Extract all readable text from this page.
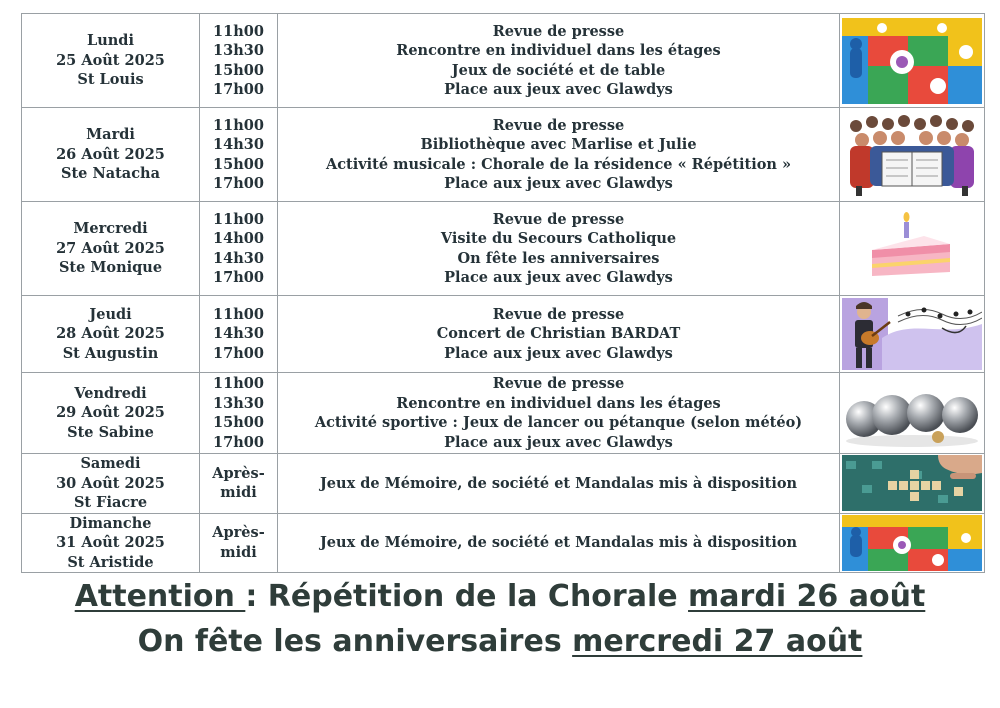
Lundi
25 Août 2025
St Louis	11h00
13h30
15h00
17h00	Revue de presse
Rencontre en individuel dans les étages
Jeux de société et de table
Place aux jeux avec Glawdys

Mardi
26 Août 2025
Ste Natacha	11h00
14h30
15h00
17h00	Revue de presse
Bibliothèque avec Marlise et Julie
Activité musicale : Chorale de la résidence « Répétition »
Place aux jeux avec Glawdys

Mercredi
27 Août 2025
Ste Monique	11h00
14h00
14h30
17h00	Revue de presse
Visite du Secours Catholique
On fête les anniversaires
Place aux jeux avec Glawdys

Jeudi
28 Août 2025
St Augustin	11h00
14h30
17h00	Revue de presse
Concert de Christian BARDAT
Place aux jeux avec Glawdys

Vendredi
29 Août 2025
Ste Sabine	11h00
13h30
15h00
17h00	Revue de presse
Rencontre en individuel dans les étages
Activité sportive : Jeux de lancer ou pétanque (selon météo)
Place aux jeux avec Glawdys

Samedi
30 Août 2025
St Fiacre	Après-
midi	Jeux de Mémoire, de société et Mandalas mis à disposition

Dimanche
31 Août 2025
St Aristide	Après-
midi	Jeux de Mémoire, de société et Mandalas mis à disposition

Attention : Répétition de la Chorale mardi 26 août
On fête les anniversaires mercredi 27 août
